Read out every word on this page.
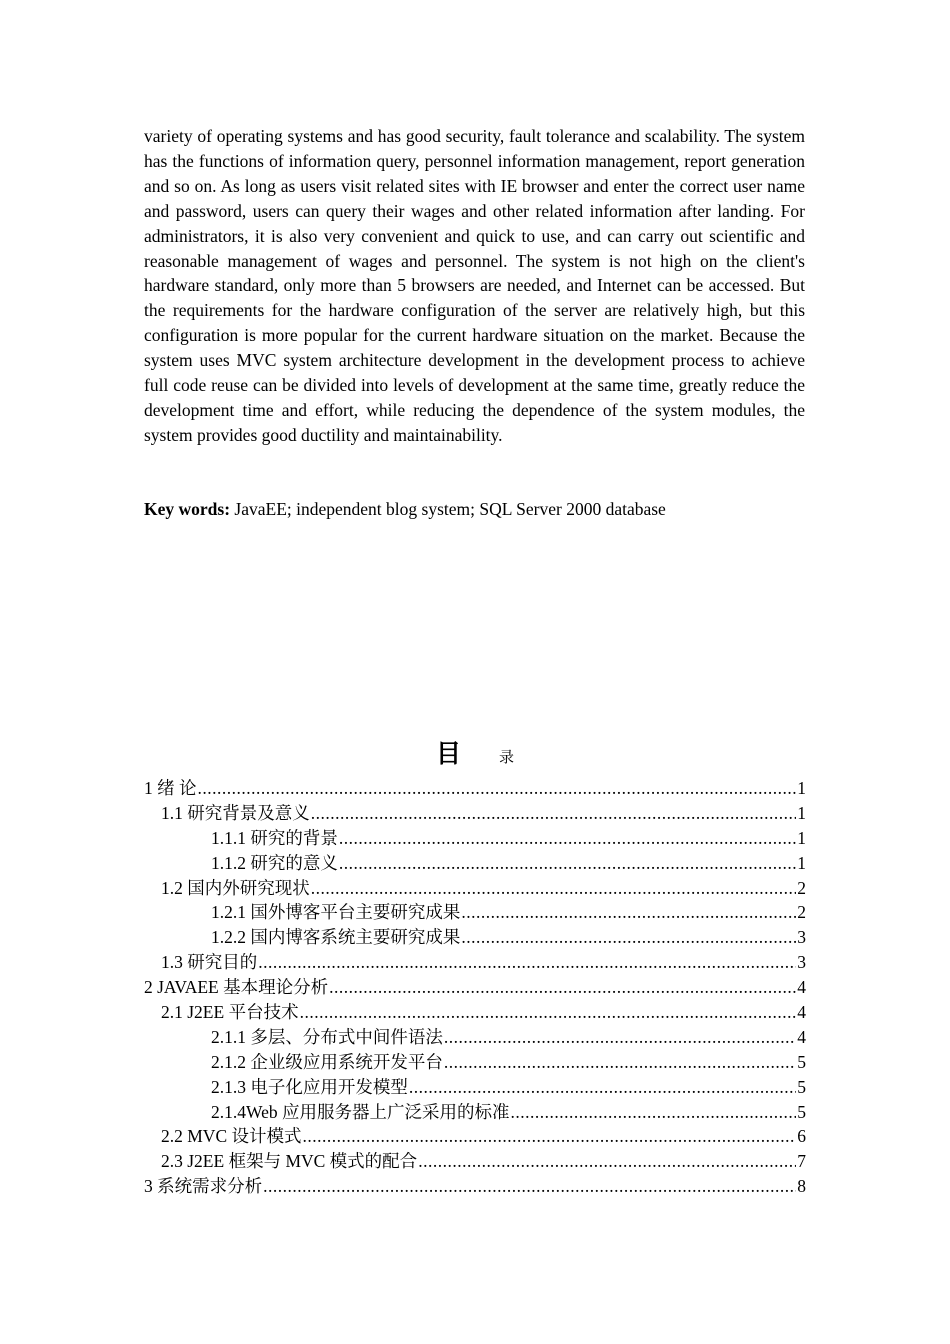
variety of operating systems and has good security, fault tolerance and scalability. The system has the functions of information query, personnel information management, report generation and so on. As long as users visit related sites with IE browser and enter the correct user name and password, users can query their wages and other related information after landing. For administrators, it is also very convenient and quick to use, and can carry out scientific and reasonable management of wages and personnel. The system is not high on the client's hardware standard, only more than 5 browsers are needed, and Internet can be accessed. But the requirements for the hardware configuration of the server are relatively high, but this configuration is more popular for the current hardware situation on the market. Because the system uses MVC system architecture development in the development process to achieve full code reuse can be divided into levels of development at the same time, greatly reduce the development time and effort, while reducing the dependence of the system modules, the system provides good ductility and maintainability.

Key words: JavaEE; independent blog system; SQL Server 2000 database

目	录
1 绪 论 .....	1
1.1 研究背景及意义 .....	1
1.1.1 研究的背景 .....	1
1.1.2 研究的意义 .....	1
1.2 国内外研究现状 .....	2
1.2.1 国外博客平台主要研究成果 .....	2
1.2.2 国内博客系统主要研究成果 .....	3
1.3 研究目的 .....	3
2 JAVAEE 基本理论分析 .....	4
2.1 J2EE 平台技术 .....	4
2.1.1 多层、分布式中间件语法 .....	4
2.1.2 企业级应用系统开发平台 .....	5
2.1.3 电子化应用开发模型 .....	5
2.1.4Web 应用服务器上广泛采用的标准 .....	5
2.2 MVC 设计模式 .....	6
2.3 J2EE 框架与 MVC 模式的配合 .....	7
3 系统需求分析 .....	8
